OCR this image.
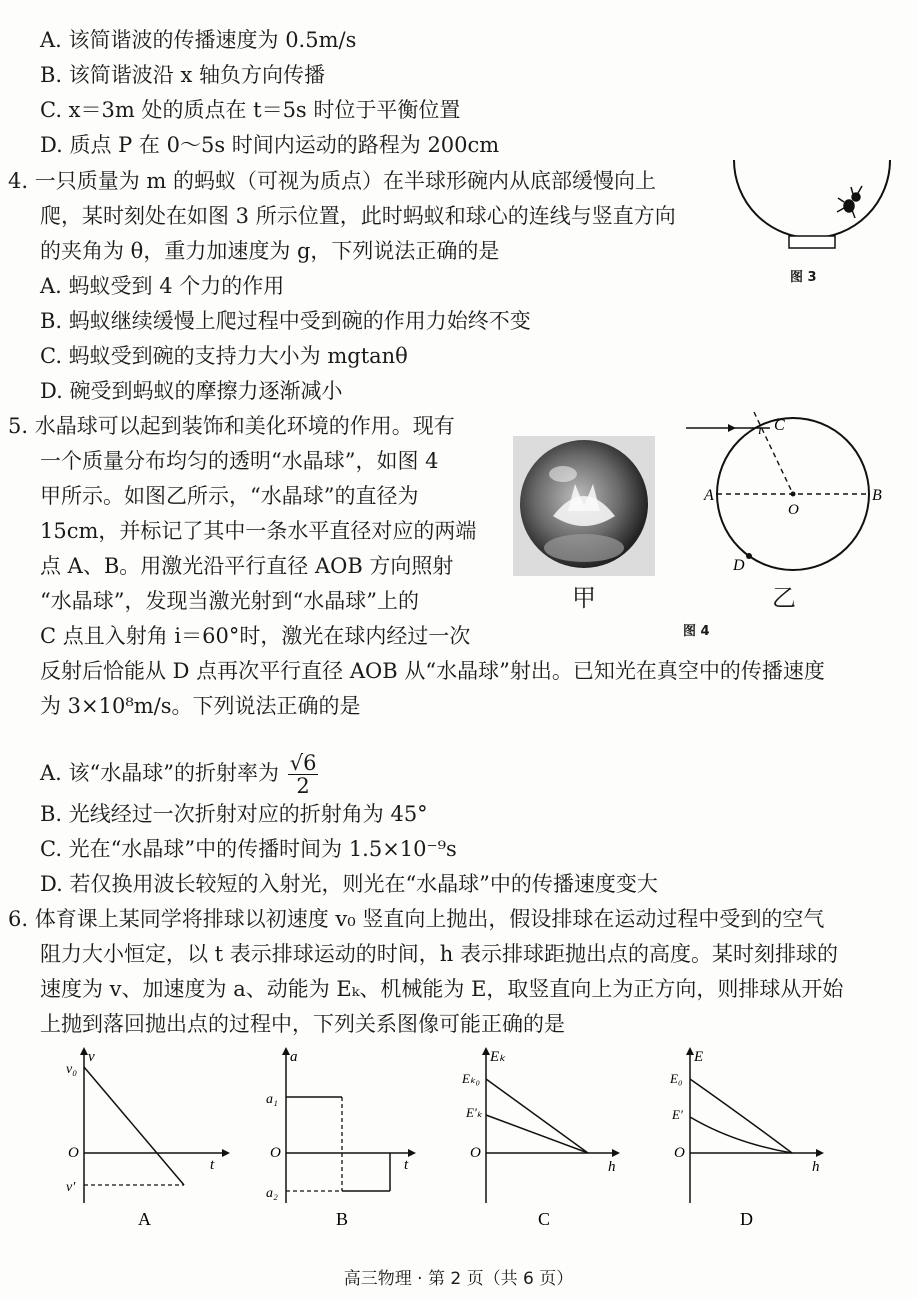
A. 该简谐波的传播速度为 0.5m/s
B. 该简谐波沿 x 轴负方向传播
C. x＝3m 处的质点在 t＝5s 时位于平衡位置
D. 质点 P 在 0～5s 时间内运动的路程为 200cm
4. 一只质量为 m 的蚂蚁（可视为质点）在半球形碗内从底部缓慢向上
爬，某时刻处在如图 3 所示位置，此时蚂蚁和球心的连线与竖直方向
的夹角为 θ，重力加速度为 g，下列说法正确的是
A. 蚂蚁受到 4 个力的作用
B. 蚂蚁继续缓慢上爬过程中受到碗的作用力始终不变
C. 蚂蚁受到碗的支持力大小为 mgtanθ
D. 碗受到蚂蚁的摩擦力逐渐减小
图 3
5. 水晶球可以起到装饰和美化环境的作用。现有
一个质量分布均匀的透明“水晶球”，如图 4
甲所示。如图乙所示，“水晶球”的直径为
15cm，并标记了其中一条水平直径对应的两端
点 A、B。用激光沿平行直径 AOB 方向照射
“水晶球”，发现当激光射到“水晶球”上的
C 点且入射角 i＝60°时，激光在球内经过一次
反射后恰能从 D 点再次平行直径 AOB 从“水晶球”射出。已知光在真空中的传播速度
为 3×10⁸m/s。下列说法正确的是
甲
C
i
A	B
O
D
乙
图 4
A. 该“水晶球”的折射率为 $\frac{√6}{2}$
B. 光线经过一次折射对应的折射角为 45°
C. 光在“水晶球”中的传播时间为 1.5×10⁻⁹s
D. 若仅换用波长较短的入射光，则光在“水晶球”中的传播速度变大
6. 体育课上某同学将排球以初速度 v₀ 竖直向上抛出，假设排球在运动过程中受到的空气
阻力大小恒定，以 t 表示排球运动的时间，h 表示排球距抛出点的高度。某时刻排球的
速度为 v、加速度为 a、动能为 Eₖ、机械能为 E，取竖直向上为正方向，则排球从开始
上抛到落回抛出点的过程中，下列关系图像可能正确的是
v
t
O
v₀
v′
A
a
t
O
a₁
a₂
B
Eₖ
h
O
Eₖ₀
E′ₖ
C
E
h
O
E₀
E′
D
高三物理 · 第 2 页（共 6 页）
